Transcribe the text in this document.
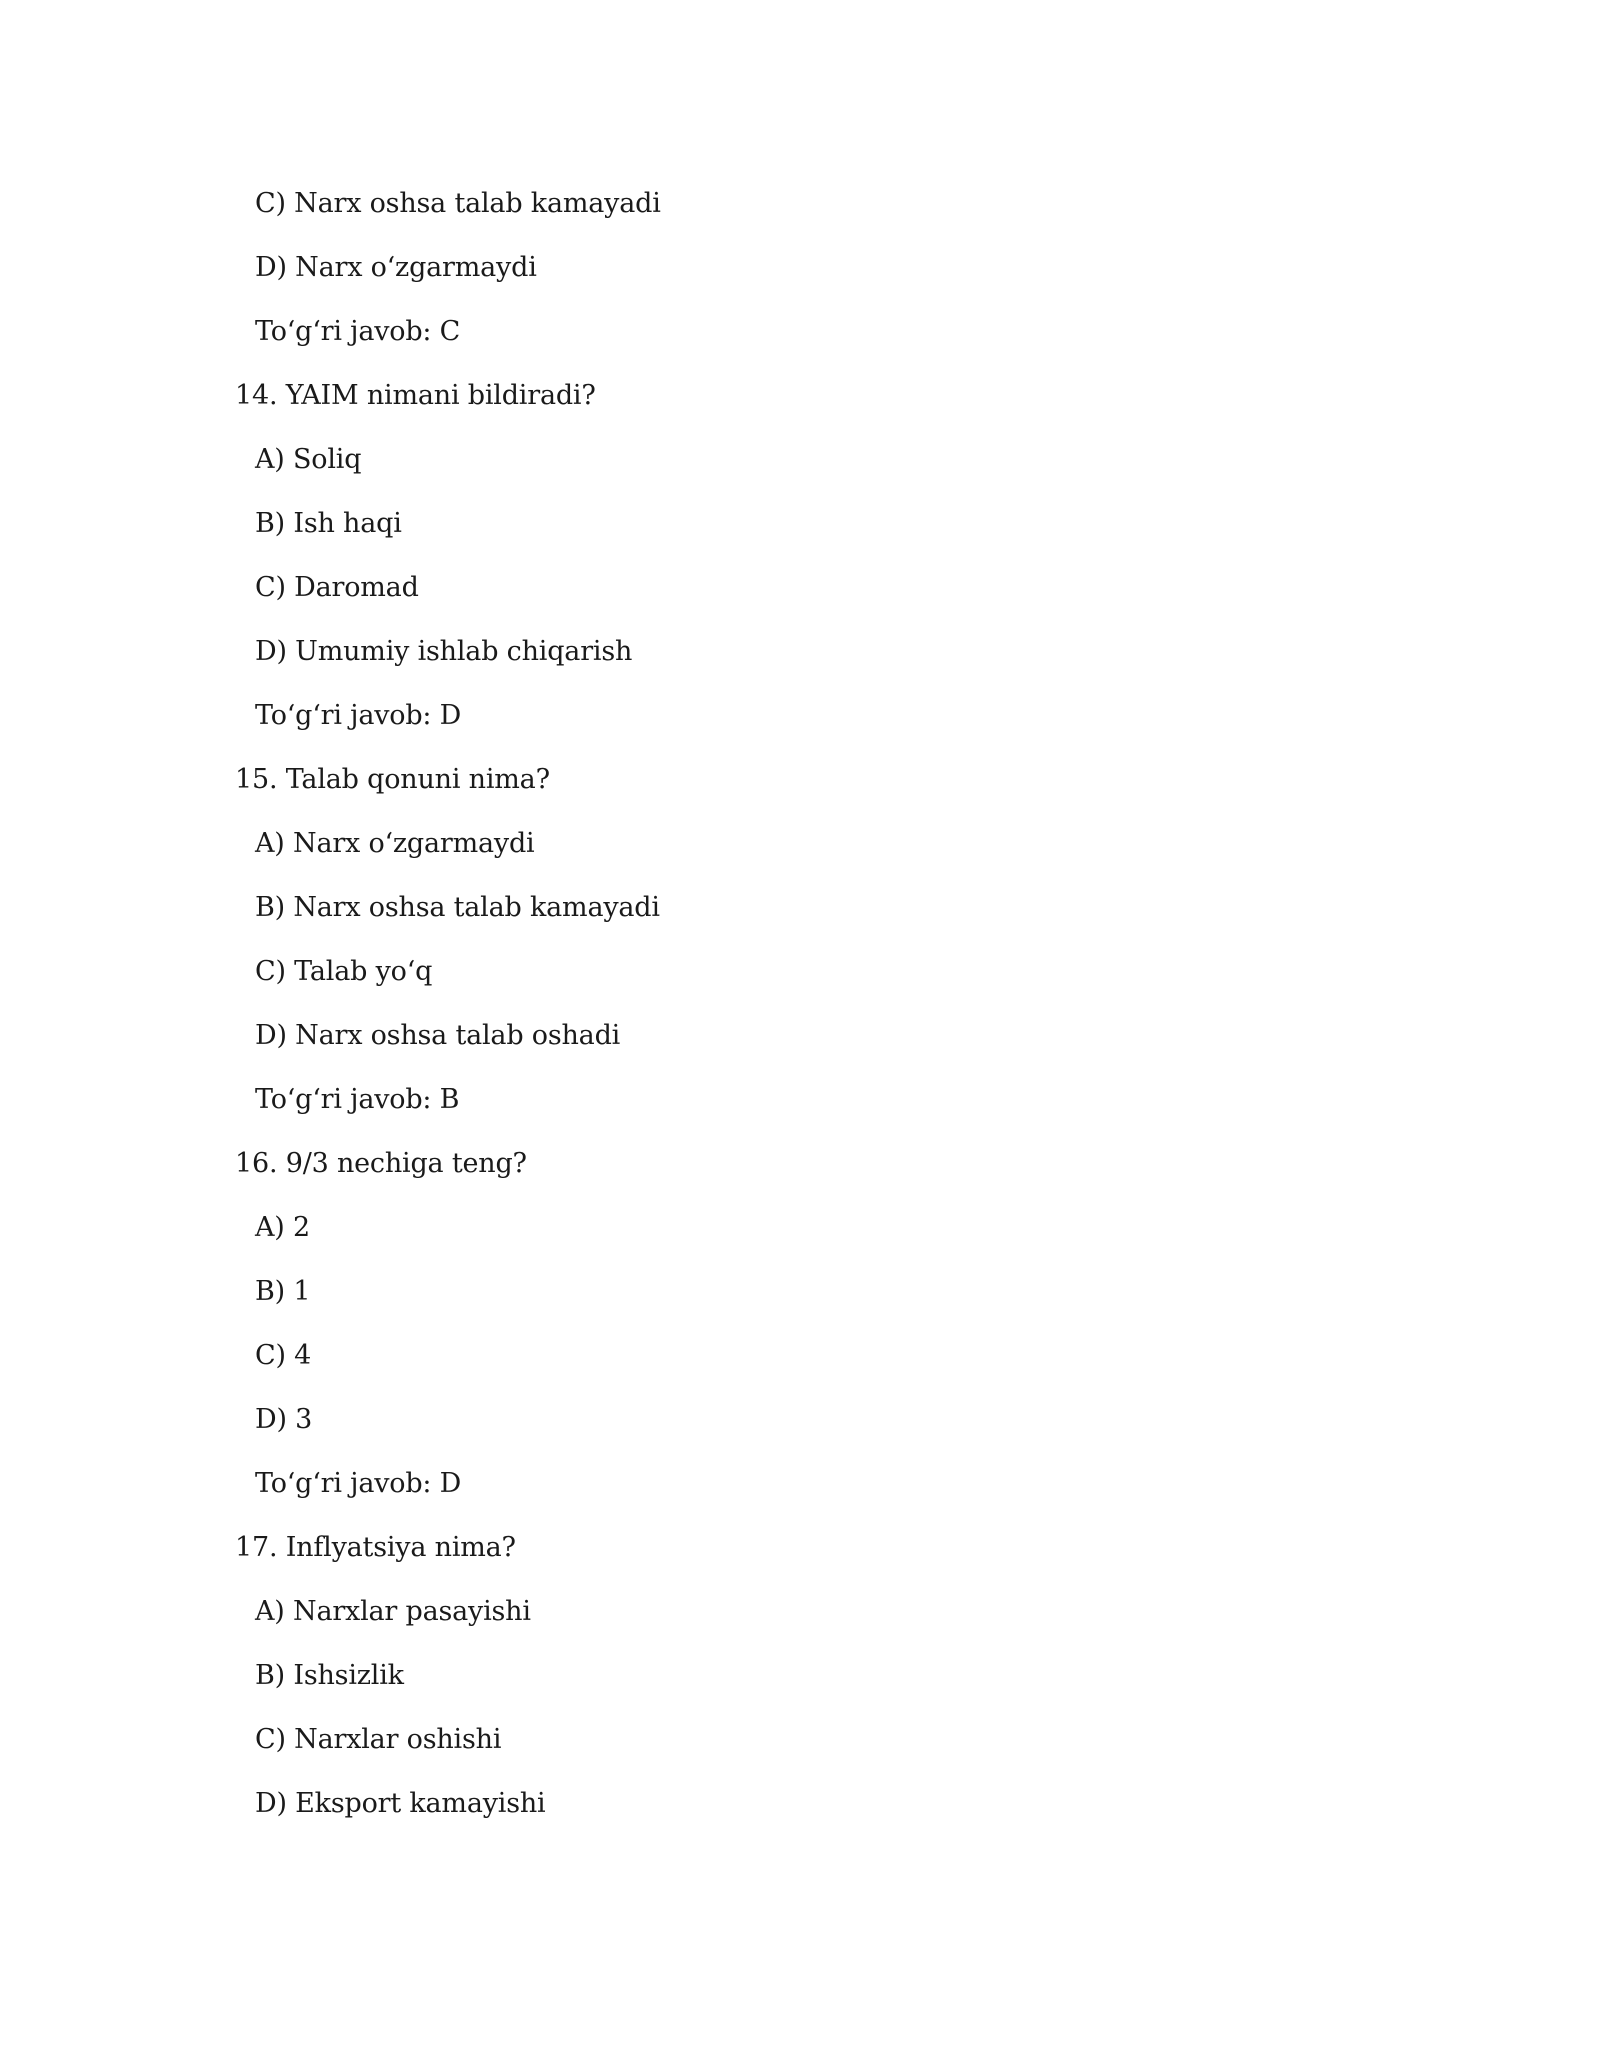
C) Narx oshsa talab kamayadi
D) Narx o‘zgarmaydi
To‘g‘ri javob: C
14. YAIM nimani bildiradi?
A) Soliq
B) Ish haqi
C) Daromad
D) Umumiy ishlab chiqarish
To‘g‘ri javob: D
15. Talab qonuni nima?
A) Narx o‘zgarmaydi
B) Narx oshsa talab kamayadi
C) Talab yo‘q
D) Narx oshsa talab oshadi
To‘g‘ri javob: B
16. 9/3 nechiga teng?
A) 2
B) 1
C) 4
D) 3
To‘g‘ri javob: D
17. Inflyatsiya nima?
A) Narxlar pasayishi
B) Ishsizlik
C) Narxlar oshishi
D) Eksport kamayishi
